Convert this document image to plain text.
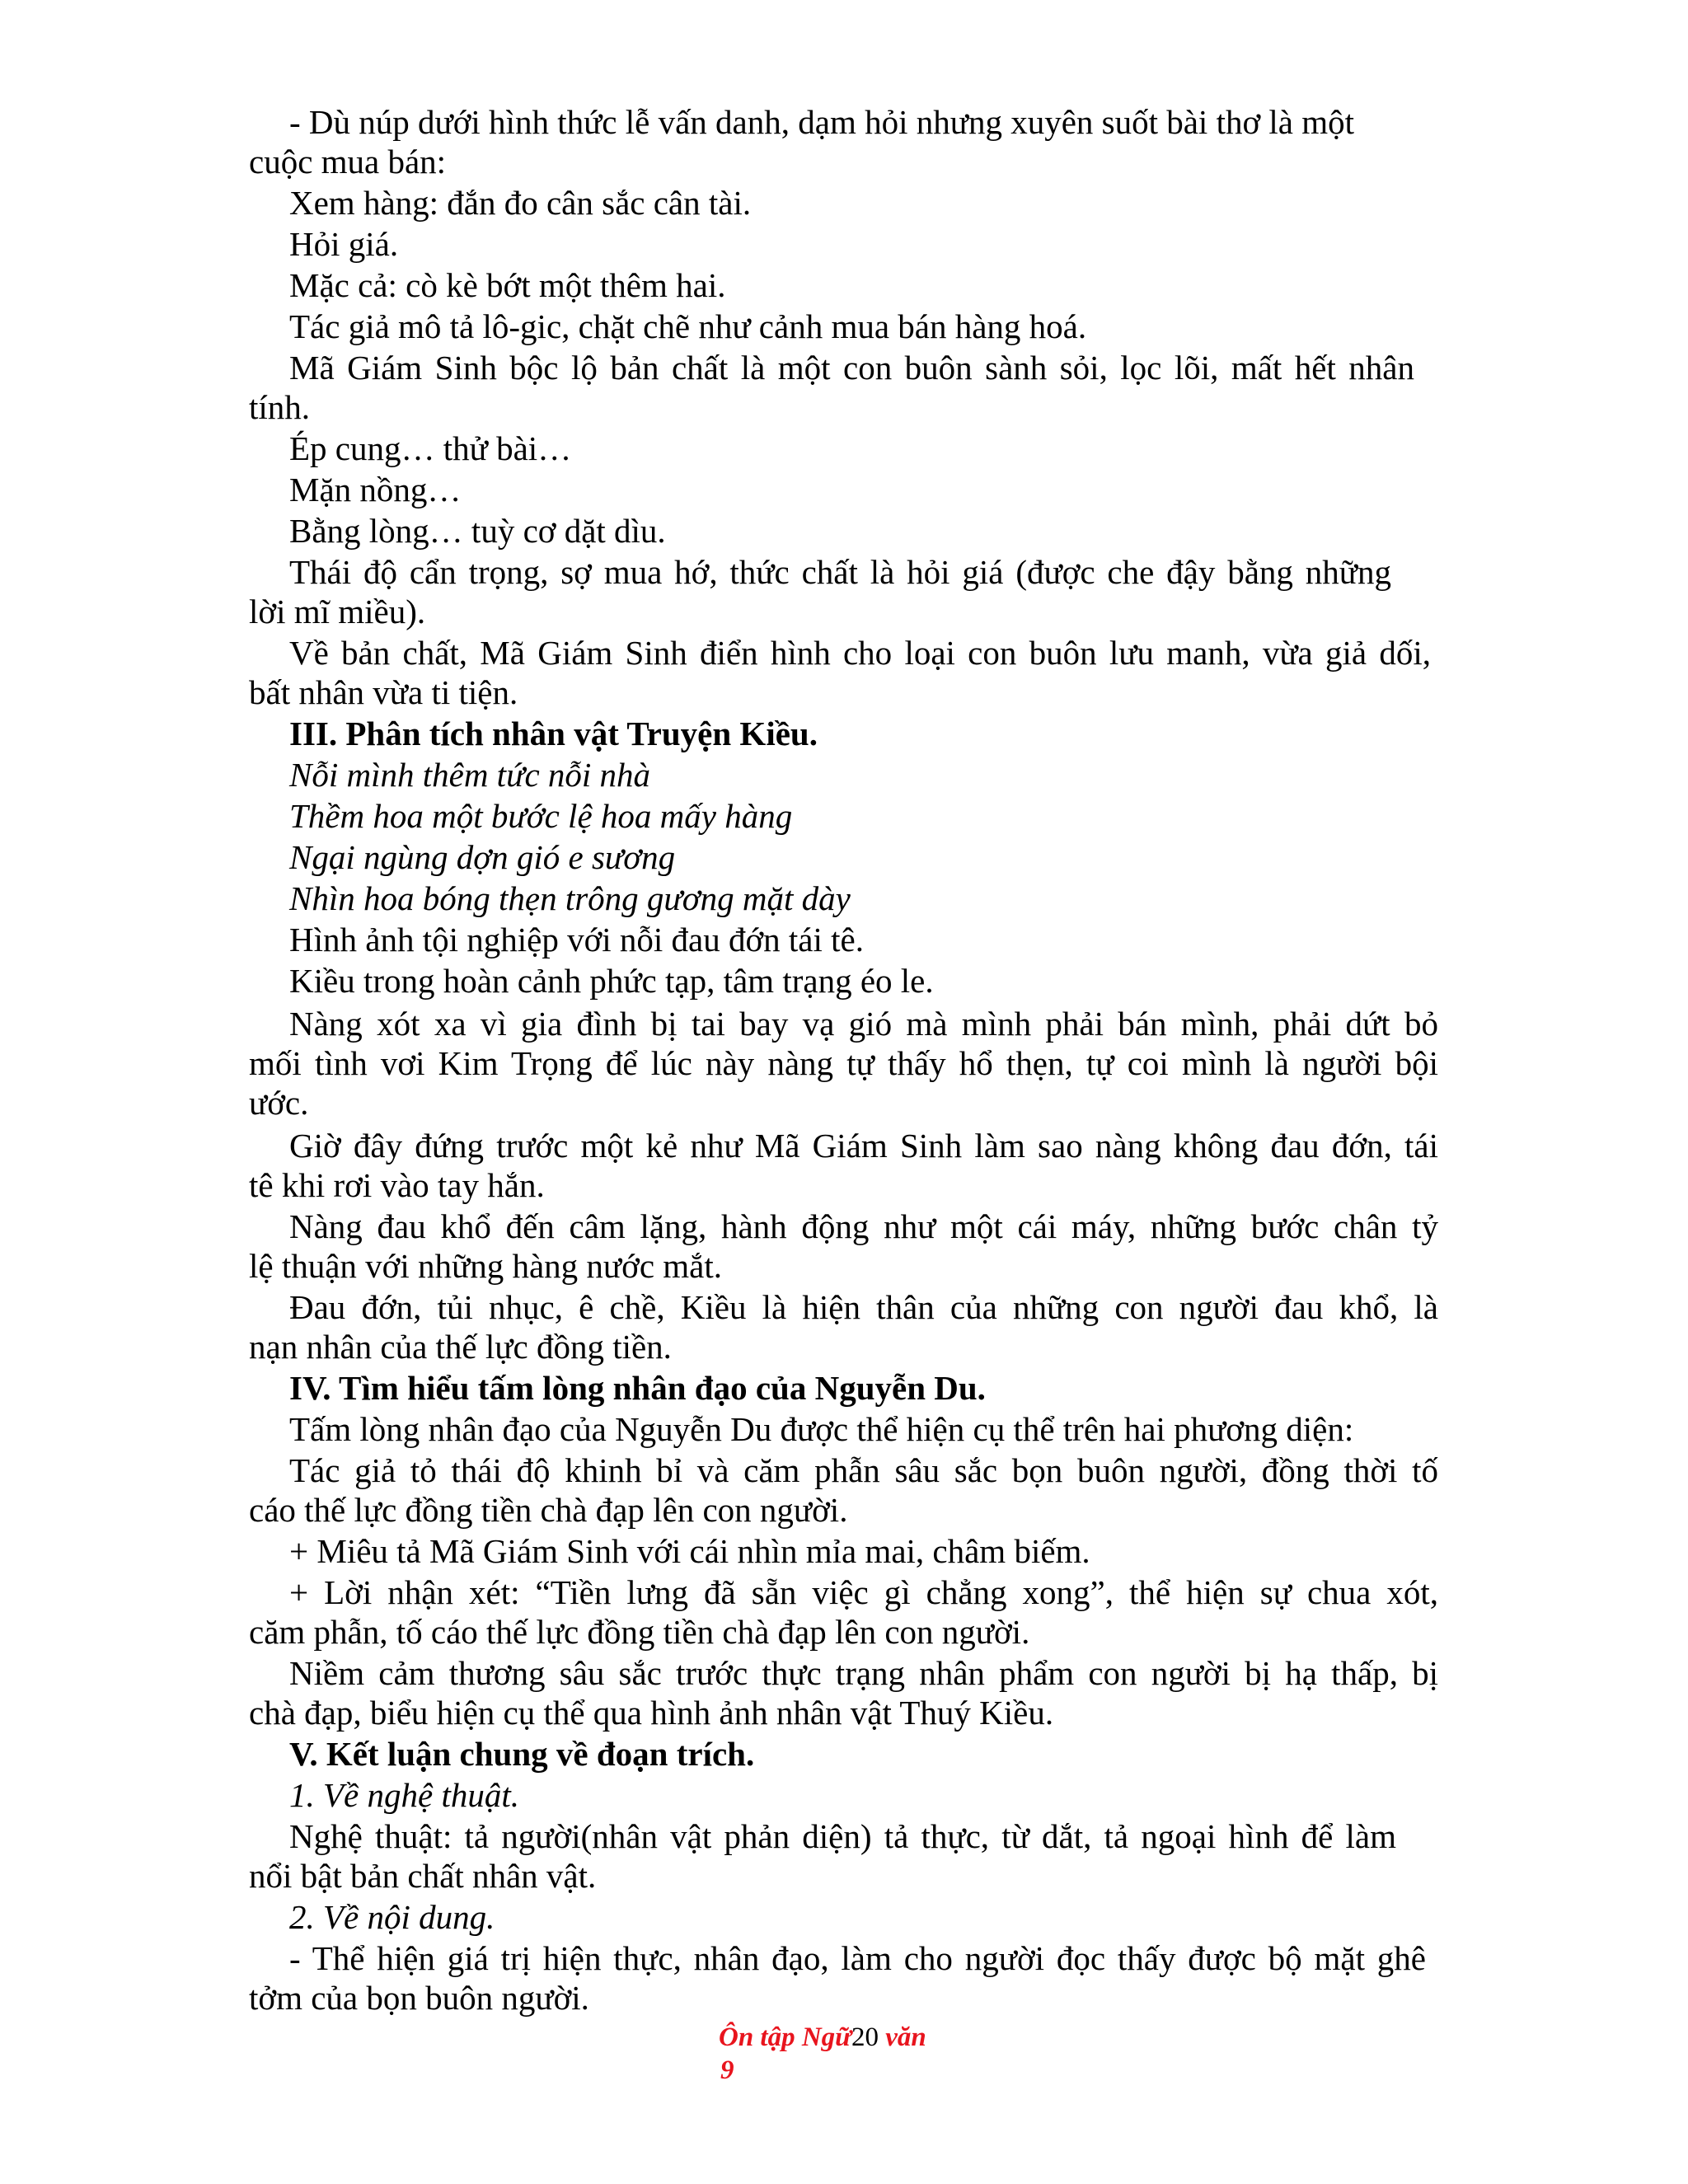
- Dù núp dưới hình thức lễ vấn danh, dạm hỏi nhưng xuyên suốt bài thơ là một
cuộc mua bán:
Xem hàng: đắn đo cân sắc cân tài.
Hỏi giá.
Mặc cả: cò kè bớt một thêm hai.
Tác giả mô tả lô-gic, chặt chẽ như cảnh mua bán hàng hoá.
Mã Giám Sinh bộc lộ bản chất là một con buôn sành sỏi, lọc lõi, mất hết nhân
tính.
Ép cung… thử bài…
Mặn nồng…
Bằng lòng… tuỳ cơ dặt dìu.
Thái độ cẩn trọng, sợ mua hớ, thức chất là hỏi giá (được che đậy bằng những
lời mĩ miều).
Về bản chất, Mã Giám Sinh điển hình cho loại con buôn lưu manh, vừa giả dối,
bất nhân vừa ti tiện.
III. Phân tích nhân vật Truyện Kiều.
Nỗi mình thêm tức nỗi nhà
Thềm hoa một bước lệ hoa mấy hàng
Ngại ngùng dợn gió e sương
Nhìn hoa bóng thẹn trông gương mặt dày
Hình ảnh tội nghiệp với nỗi đau đớn tái tê.
Kiều trong hoàn cảnh phức tạp, tâm trạng éo le.
Nàng xót xa vì gia đình bị tai bay vạ gió mà mình phải bán mình, phải dứt bỏ
mối tình vơi Kim Trọng để lúc này nàng tự thấy hổ thẹn, tự coi mình là người bội
ước.
Giờ đây đứng trước một kẻ như Mã Giám Sinh làm sao nàng không đau đớn, tái
tê khi rơi vào tay hắn.
Nàng đau khổ đến câm lặng, hành động như một cái máy, những bước chân tỷ
lệ thuận với những hàng nước mắt.
Đau đớn, tủi nhục, ê chề, Kiều là hiện thân của những con người đau khổ, là
nạn nhân của thế lực đồng tiền.
IV. Tìm hiểu tấm lòng nhân đạo của Nguyễn Du.
Tấm lòng nhân đạo của Nguyễn Du được thể hiện cụ thể trên hai phương diện:
Tác giả tỏ thái độ khinh bỉ và căm phẫn sâu sắc bọn buôn người, đồng thời tố
cáo thế lực đồng tiền chà đạp lên con người.
+ Miêu tả Mã Giám Sinh với cái nhìn mỉa mai, châm biếm.
+ Lời nhận xét: “Tiền lưng đã sẵn việc gì chẳng xong”, thể hiện sự chua xót,
căm phẫn, tố cáo thế lực đồng tiền chà đạp lên con người.
Niềm cảm thương sâu sắc trước thực trạng nhân phẩm con người bị hạ thấp, bị
chà đạp, biểu hiện cụ thể qua hình ảnh nhân vật Thuý Kiều.
V. Kết luận chung về đoạn trích.
1. Về nghệ thuật.
Nghệ thuật: tả người(nhân vật phản diện) tả thực, từ dắt, tả ngoại hình để làm
nổi bật bản chất nhân vật.
2. Về nội dung.
- Thể hiện giá trị hiện thực, nhân đạo, làm cho người đọc thấy được bộ mặt ghê
tởm của bọn buôn người.
Ôn tập Ngữ20 văn
9
